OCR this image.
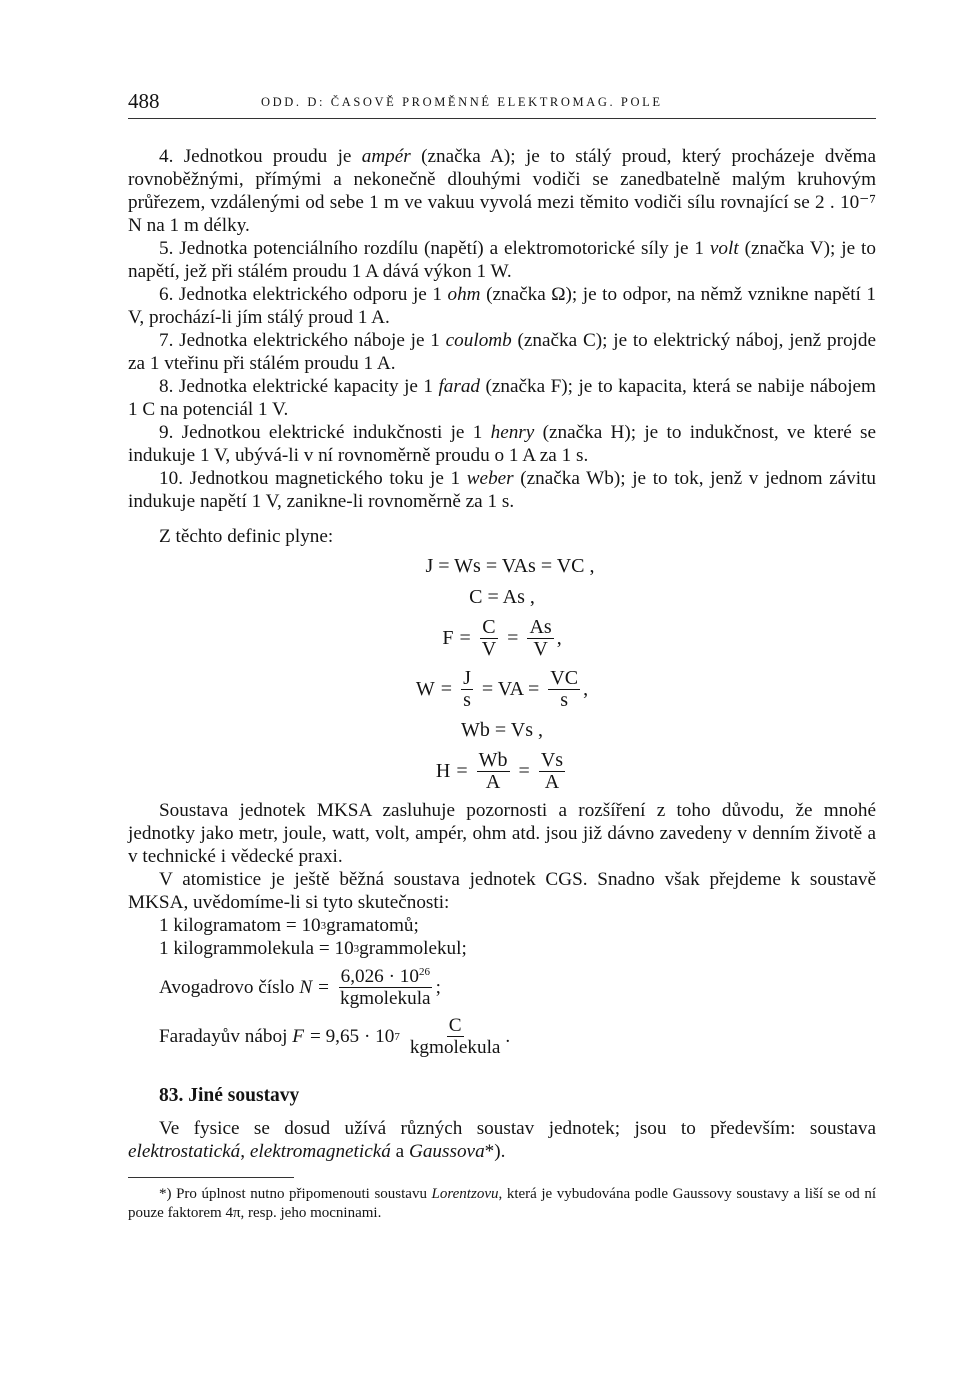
488	ODD. D: ČASOVĚ PROMĚNNÉ ELEKTROMAG. POLE

4. Jednotkou proudu je ampér (značka A); je to stálý proud, který procházeje dvěma rovnoběžnými, přímými a nekonečně dlouhými vodiči se zanedbatelně malým kruhovým průřezem, vzdálenými od sebe 1 m ve vakuu vyvolá mezi těmito vodiči sílu rovnající se 2 . 10⁻⁷ N na 1 m délky.

5. Jednotka potenciálního rozdílu (napětí) a elektromotorické síly je 1 volt (značka V); je to napětí, jež při stálém proudu 1 A dává výkon 1 W.

6. Jednotka elektrického odporu je 1 ohm (značka Ω); je to odpor, na němž vznikne napětí 1 V, prochází-li jím stálý proud 1 A.

7. Jednotka elektrického náboje je 1 coulomb (značka C); je to elektrický náboj, jenž projde za 1 vteřinu při stálém proudu 1 A.

8. Jednotka elektrické kapacity je 1 farad (značka F); je to kapacita, která se nabije nábojem 1 C na potenciál 1 V.

9. Jednotkou elektrické indukčnosti je 1 henry (značka H); je to indukčnost, ve které se indukuje 1 V, ubývá-li v ní rovnoměrně proudu o 1 A za 1 s.

10. Jednotkou magnetického toku je 1 weber (značka Wb); je to tok, jenž v jednom závitu indukuje napětí 1 V, zanikne-li rovnoměrně za 1 s.

Z těchto definic plyne:

J = Ws = VAs = VC ,
C = As ,
$F = \frac{C}{V} = \frac{As}{V}$ ,
$W = \frac{J}{s}$ = VA = $\frac{VC}{s}$ ,
Wb = Vs ,
$H = \frac{Wb}{A} = \frac{Vs}{A}$

Soustava jednotek MKSA zasluhuje pozornosti a rozšíření z toho důvodu, že mnohé jednotky jako metr, joule, watt, volt, ampér, ohm atd. jsou již dávno zavedeny v denním životě a v technické i vědecké praxi.

V atomistice je ještě běžná soustava jednotek CGS. Snadno však přejdeme k soustavě MKSA, uvědomíme-li si tyto skutečnosti:

1 kilogramatom = 10 3 gramatomů;
1 kilogrammolekula = 10 3 grammolekul;
Avogadrovo číslo $N = \frac{6,026 \cdot 10^{26}}{\text{kgmolekula}}$ ;
Faradayův náboj F = 9,65 · 10 $7 \frac{C}{\text{kgmolekula}}$ .
83. Jiné soustavy

Ve fysice se dosud užívá různých soustav jednotek; jsou to především: soustava elektrostatická, elektromagnetická a Gaussova*).

*) Pro úplnost nutno připomenouti soustavu Lorentzovu, která je vybudována podle Gaussovy soustavy a liší se od ní pouze faktorem 4π, resp. jeho mocninami.
